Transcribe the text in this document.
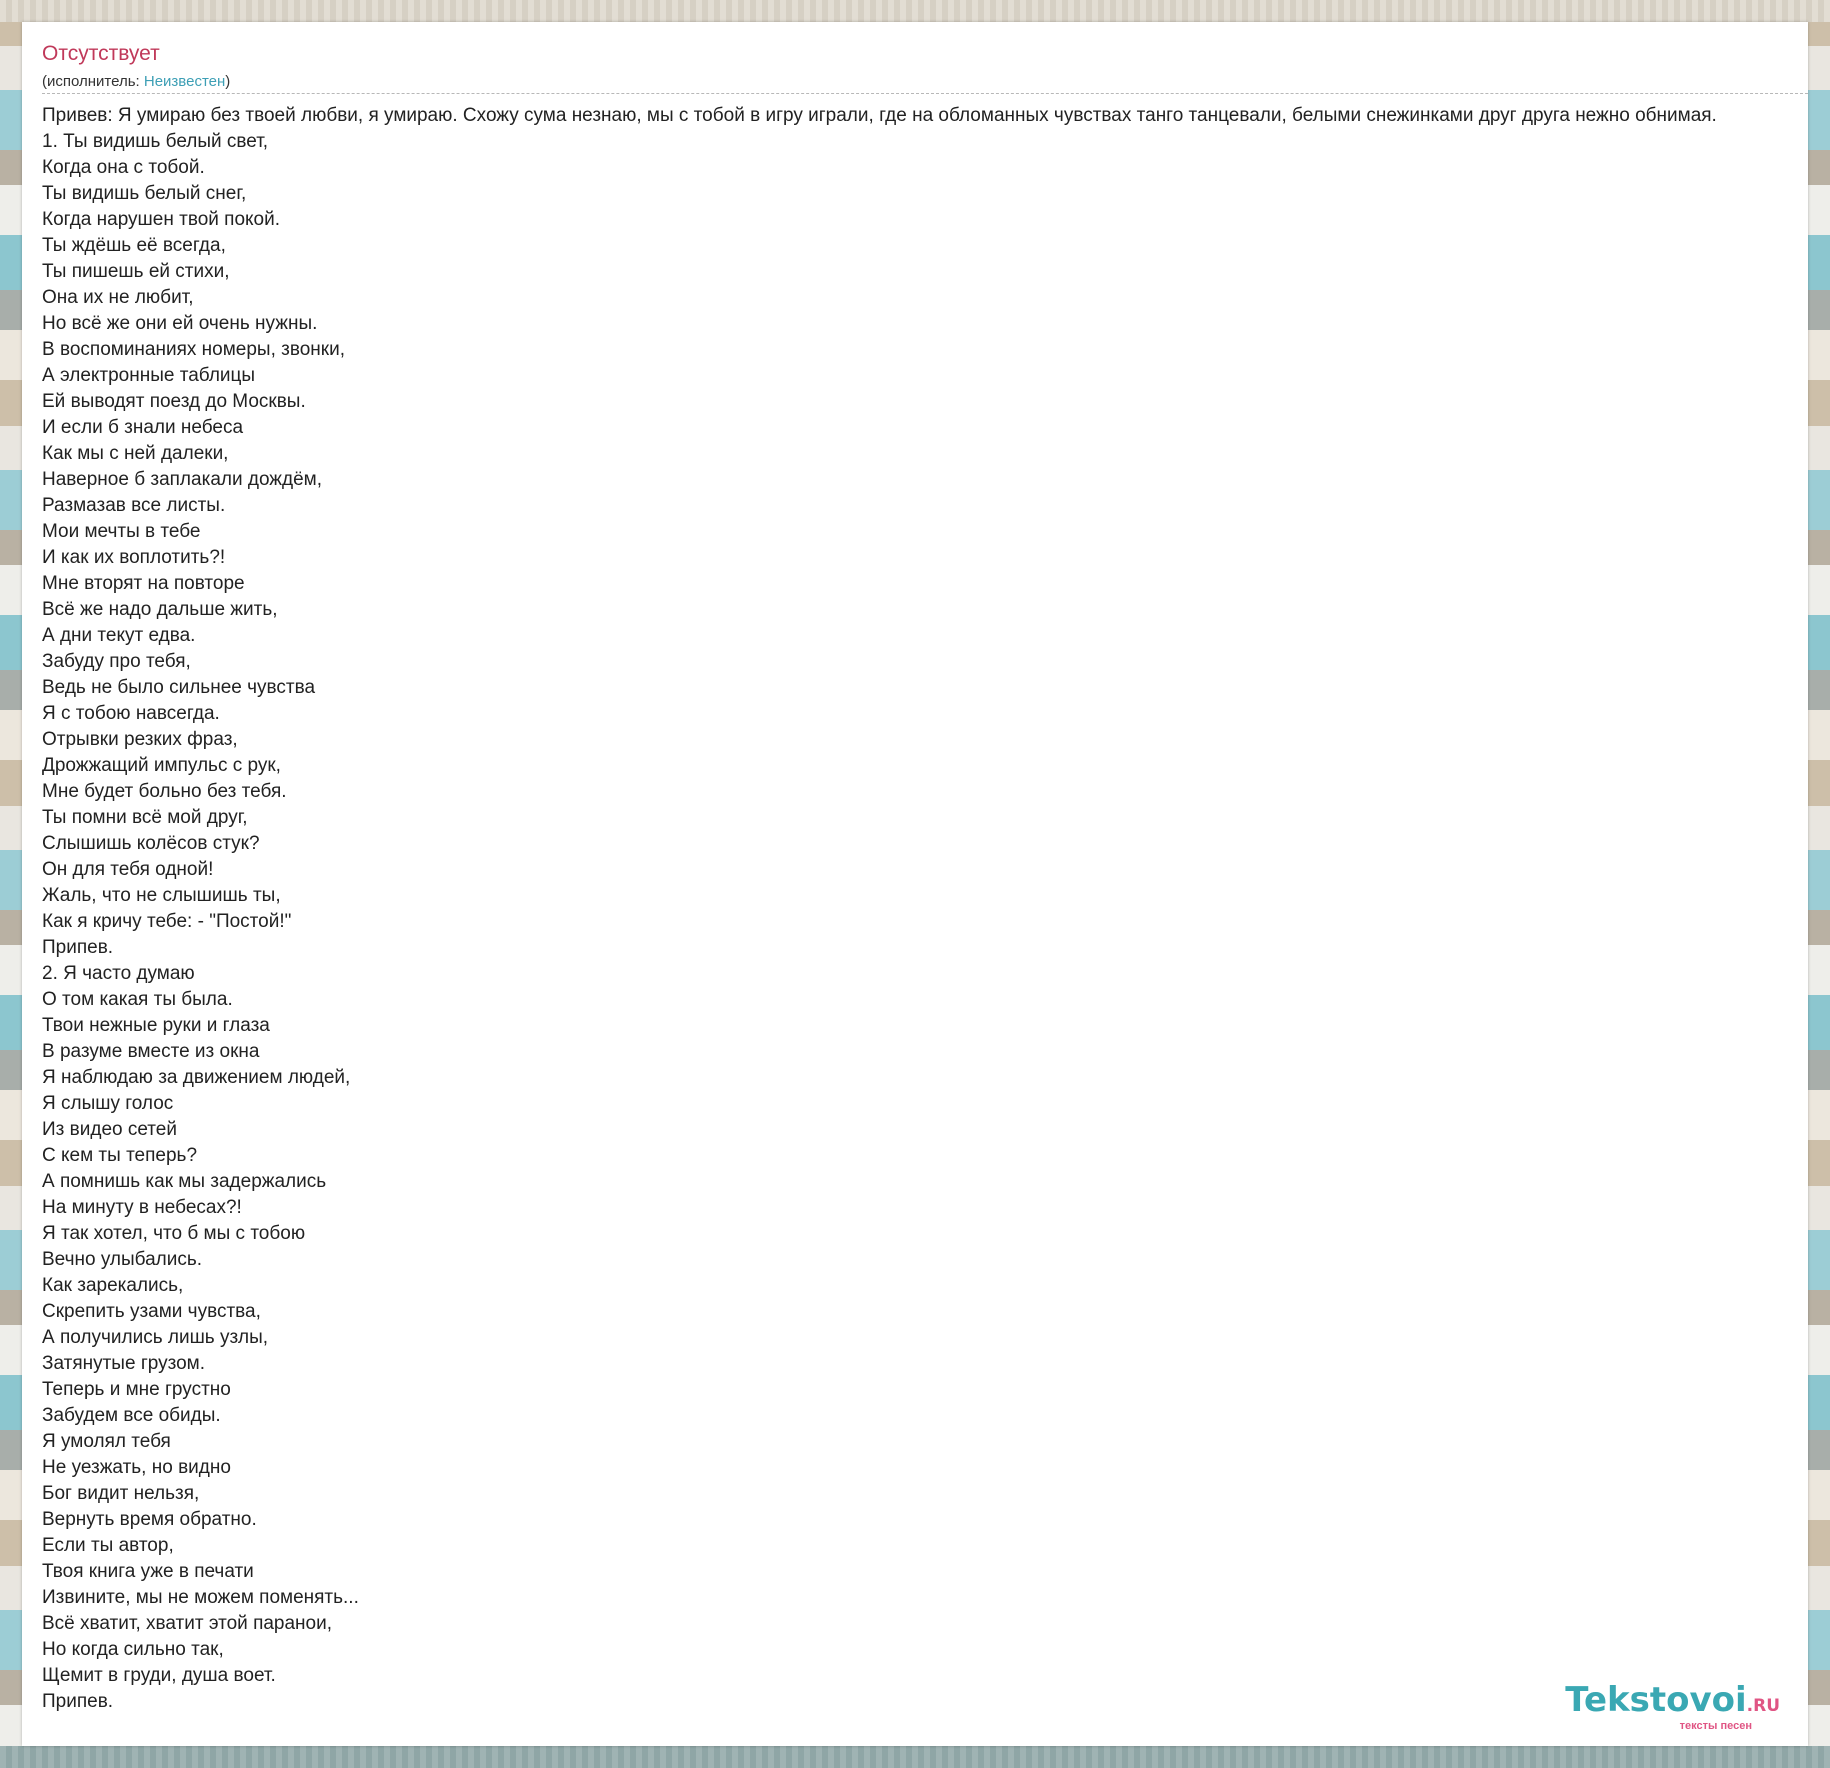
Отсутствует
(исполнитель: Неизвестен)
Привев: Я умираю без твоей любви, я умираю. Схожу сума незнаю, мы с тобой в игру играли, где на обломанных чувствах танго танцевали, белыми снежинками друг друга нежно обнимая.
1. Ты видишь белый свет,
Когда она с тобой.
Ты видишь белый снег,
Когда нарушен твой покой.
Ты ждёшь её всегда,
Ты пишешь ей стихи,
Она их не любит,
Но всё же они ей очень нужны.
В воспоминаниях номеры, звонки,
А электронные таблицы
Ей выводят поезд до Москвы.
И если б знали небеса
Как мы с ней далеки,
Наверное б заплакали дождём,
Размазав все листы.
Мои мечты в тебе
И как их воплотить?!
Мне вторят на повторе
Всё же надо дальше жить,
А дни текут едва.
Забуду про тебя,
Ведь не было сильнее чувства
Я с тобою навсегда.
Отрывки резких фраз,
Дрожжащий импульс с рук,
Мне будет больно без тебя.
Ты помни всё мой друг,
Слышишь колёсов стук?
Он для тебя одной!
Жаль, что не слышишь ты,
Как я кричу тебе: - "Постой!"
Припев.
2. Я часто думаю
О том какая ты была.
Твои нежные руки и глаза
В разуме вместе из окна
Я наблюдаю за движением людей,
Я слышу голос
Из видео сетей
С кем ты теперь?
А помнишь как мы задержались
На минуту в небесах?!
Я так хотел, что б мы с тобою
Вечно улыбались.
Как зарекались,
Скрепить узами чувства,
А получились лишь узлы,
Затянутые грузом.
Теперь и мне грустно
Забудем все обиды.
Я умолял тебя
Не уезжать, но видно
Бог видит нельзя,
Вернуть время обратно.
Если ты автор,
Твоя книга уже в печати
Извините, мы не можем поменять...
Всё хватит, хватит этой паранои,
Но когда сильно так,
Щемит в груди, душа воет.
Припев.	Tekstovoi.RU
тексты песен
